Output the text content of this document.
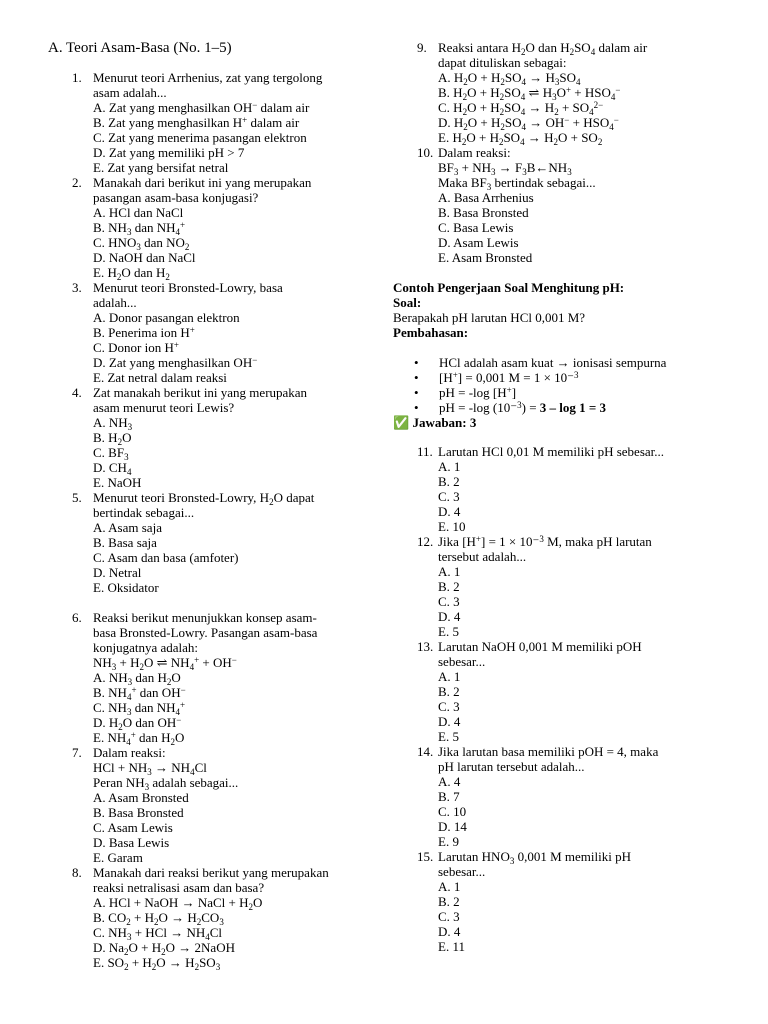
A. Teori Asam-Basa (No. 1–5)
1. Menurut teori Arrhenius, zat yang tergolong
asam adalah...
A. Zat yang menghasilkan OH− dalam air
B. Zat yang menghasilkan H+ dalam air
C. Zat yang menerima pasangan elektron
D. Zat yang memiliki pH > 7
E. Zat yang bersifat netral
2. Manakah dari berikut ini yang merupakan
pasangan asam-basa konjugasi?
A. HCl dan NaCl
B. $NH_3$ dan $NH_4^+$
C. $HNO_3$ dan $NO_2$
D. NaOH dan NaCl
E. $H_2O$ dan $H_2$
3. Menurut teori Bronsted-Lowry, basa
adalah...
A. Donor pasangan elektron
B. Penerima ion H+
C. Donor ion H+
D. Zat yang menghasilkan OH−
E. Zat netral dalam reaksi
4. Zat manakah berikut ini yang merupakan
asam menurut teori Lewis?
A. $NH_3$
B. $H_2O$
C. $BF_3$
D. $CH_4$
E. NaOH
5. Menurut teori Bronsted-Lowry, $H_2O$ dapat
bertindak sebagai...
A. Asam saja
B. Basa saja
C. Asam dan basa (amfoter)
D. Netral
E. Oksidator
6. Reaksi berikut menunjukkan konsep asam-
basa Bronsted-Lowry. Pasangan asam-basa
konjugatnya adalah:
$NH_3 + H_2O$ ⇌ $NH_4^+ + OH^-$
A. $NH_3$ dan $H_2O$
B. $NH_4^+$ dan OH−
C. $NH_3$ dan $NH_4^+$
D. $H_2O$ dan OH−
E. $NH_4^+$ dan $H_2O$
7. Dalam reaksi:
HCl + $NH_3 \to NH_4Cl$
Peran $NH_3$ adalah sebagai...
A. Asam Bronsted
B. Basa Bronsted
C. Asam Lewis
D. Basa Lewis
E. Garam
8. Manakah dari reaksi berikut yang merupakan
reaksi netralisasi asam dan basa?
A. HCl + NaOH → NaCl + $H_2O$
B. $CO_2 + H_2O \to H_2CO_3$
C. $NH_3$ + HCl → $NH_4Cl$
D. $Na_2O + H_2O$ → 2NaOH
E. $SO_2 + H_2O \to H_2SO_3$
9. Reaksi antara $H_2O$ dan $H_2SO_4$ dalam air
dapat dituliskan sebagai:
A. $H_2O + H_2SO_4 \to H_3SO_4$
B. $H_2O + H_2SO_4$ ⇌ $H_3O^+ + HSO_4^-$
C. $H_2O + H_2SO_4 \to H_2 + SO_4^{2-}$
D. $H_2O + H_2SO_4 \to OH^- + HSO_4^-$
E. $H_2O + H_2SO_4 \to H_2O + SO_2$
10. Dalam reaksi:
$BF_3 + NH_3$ → $F_3B\leftarrow NH_3$
Maka $BF_3$ bertindak sebagai...
A. Basa Arrhenius
B. Basa Bronsted
C. Basa Lewis
D. Asam Lewis
E. Asam Bronsted
Contoh Pengerjaan Soal Menghitung pH:
Soal:
Berapakah pH larutan HCl 0,001 M?
Pembahasan:
• HCl adalah asam kuat → ionisasi sempurna
• [H+] = 0,001 M = 1 × 10⁻$^3$
• pH = -log [H+]
• pH = -log (10⁻$^3$) = 3 – log 1 = 3
✅ Jawaban: 3
11. Larutan HCl 0,01 M memiliki pH sebesar...
A. 1
B. 2
C. 3
D. 4
E. 10
12. Jika [H+] = 1 × 10⁻$^3$ M, maka pH larutan
tersebut adalah...
A. 1
B. 2
C. 3
D. 4
E. 5
13. Larutan NaOH 0,001 M memiliki pOH
sebesar...
A. 1
B. 2
C. 3
D. 4
E. 5
14. Jika larutan basa memiliki pOH = 4, maka
pH larutan tersebut adalah...
A. 4
B. 7
C. 10
D. 14
E. 9
15. Larutan $HNO_3$ 0,001 M memiliki pH
sebesar...
A. 1
B. 2
C. 3
D. 4
E. 11
